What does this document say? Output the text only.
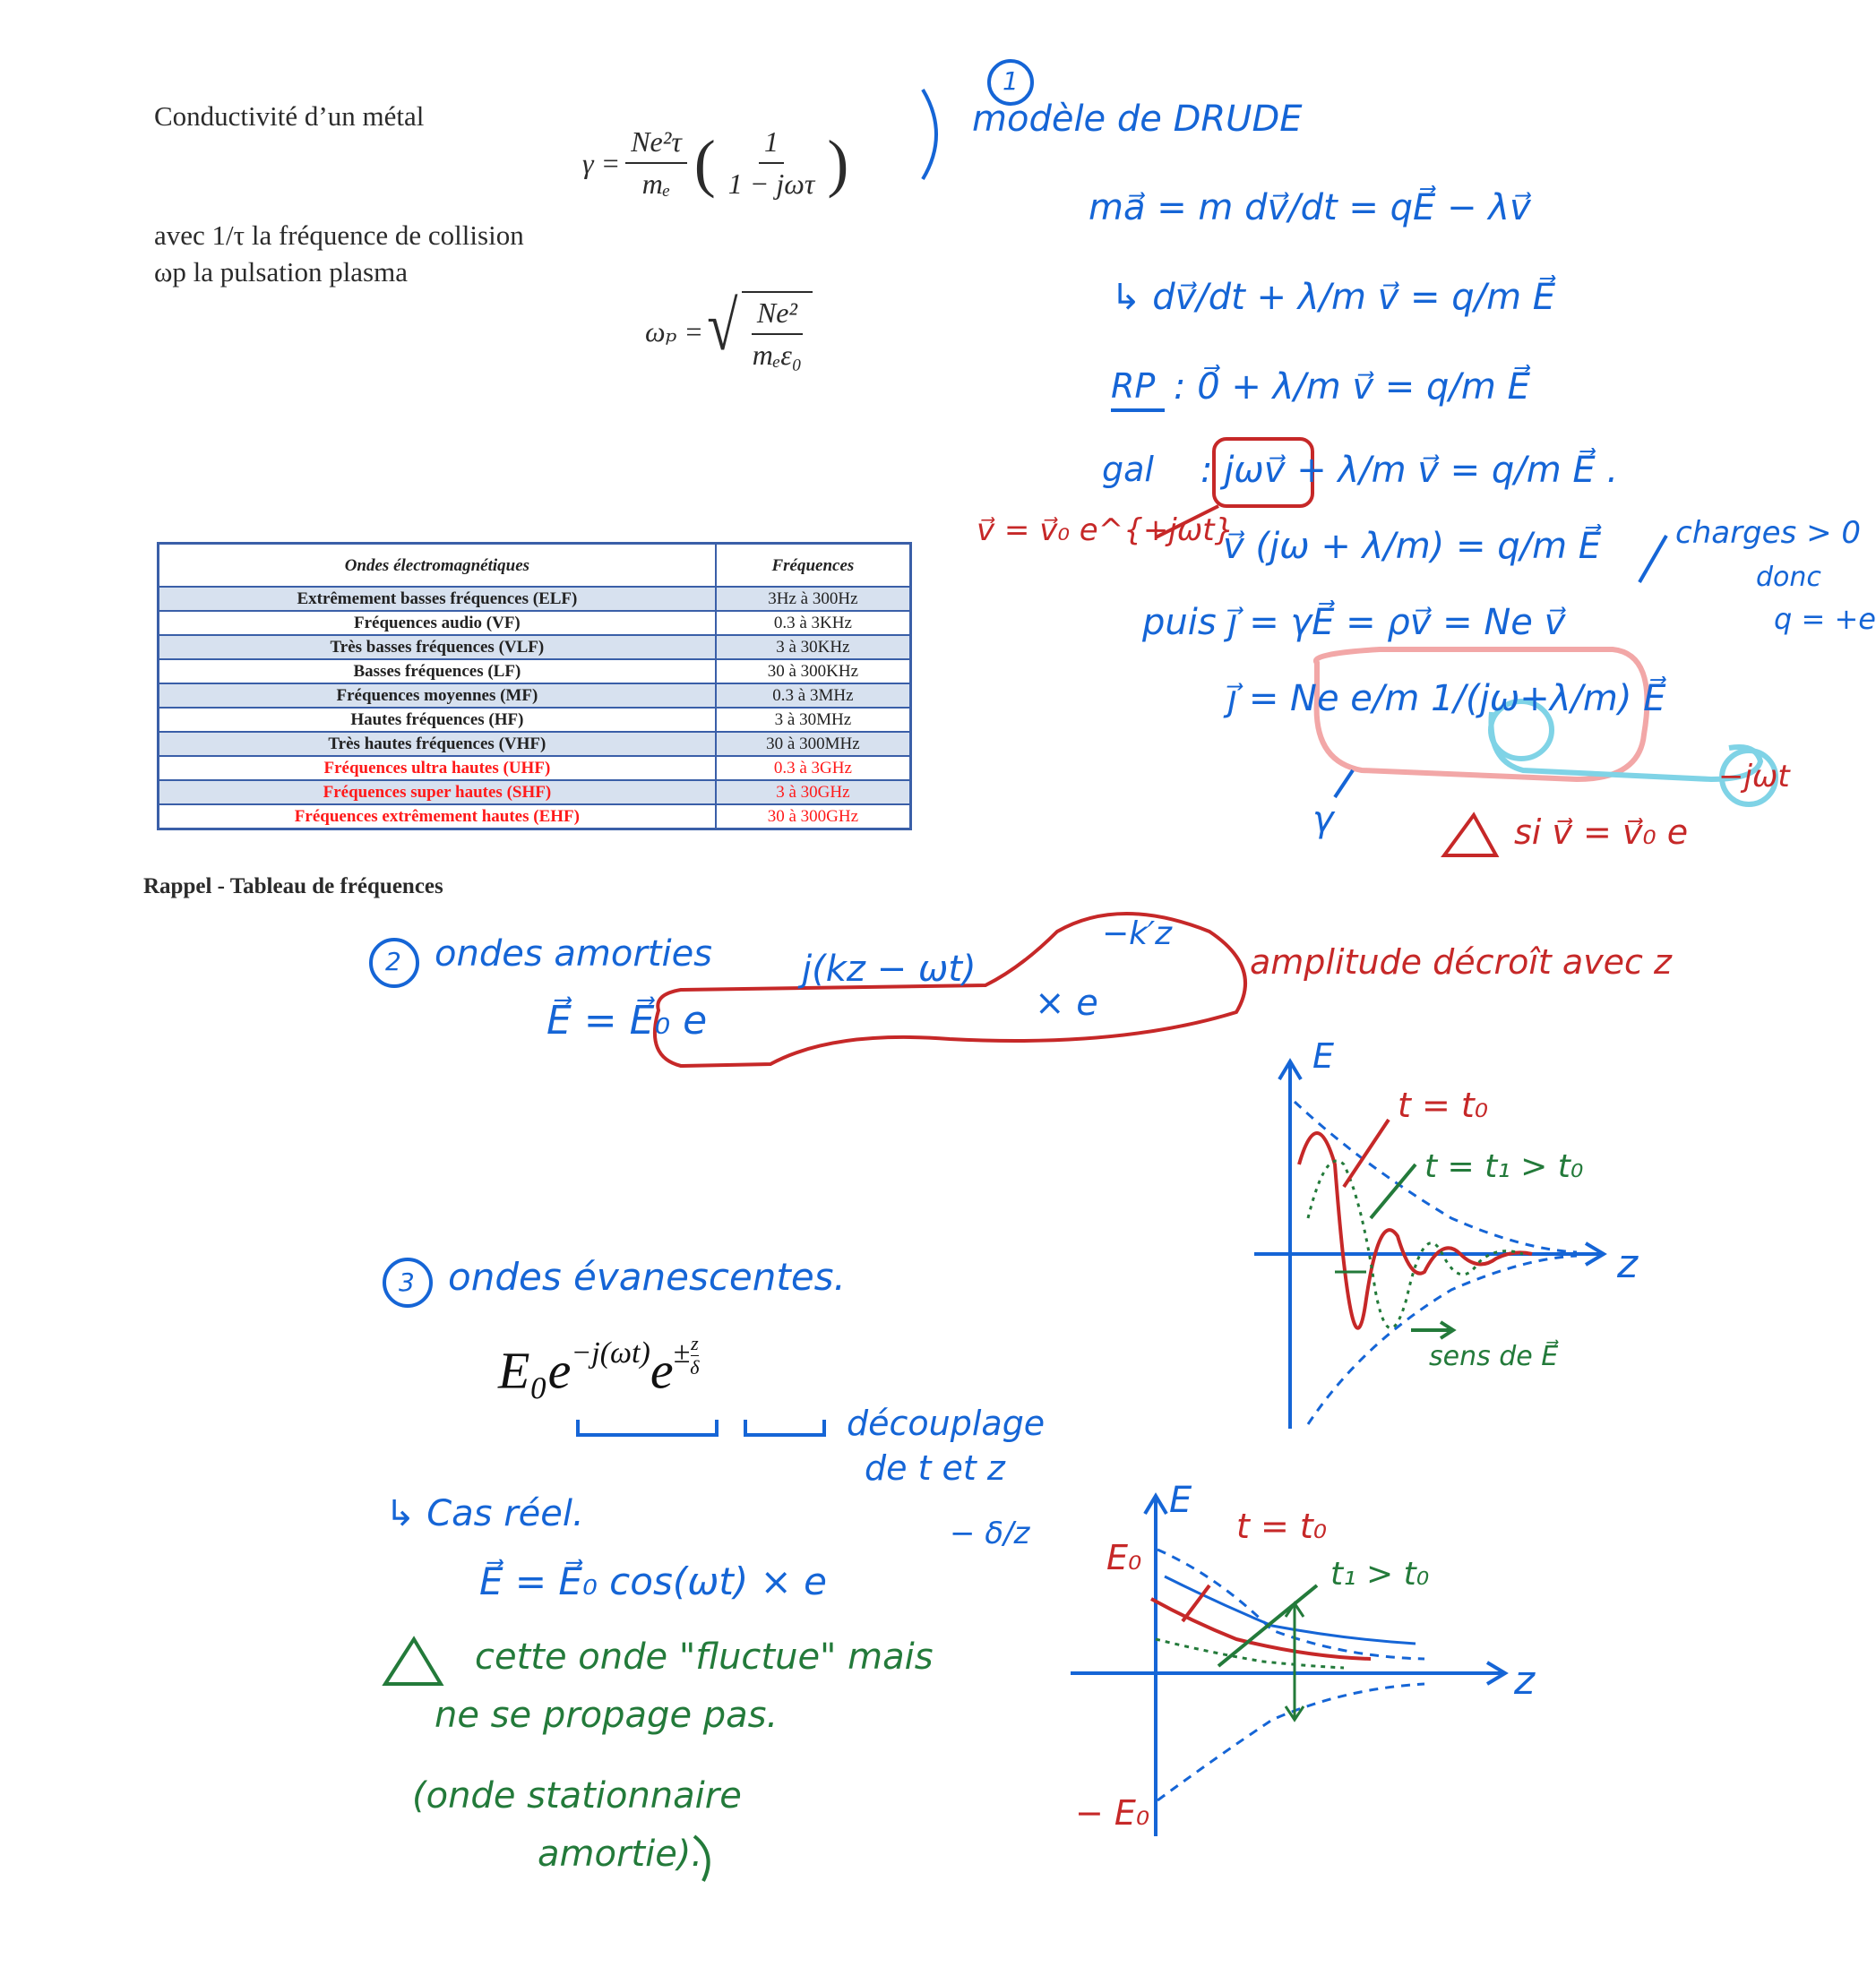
Conductivité d’un métal
avec 1/τ la fréquence de collision
ωp la pulsation plasma
$\gamma = \frac{\text{Ne²τ}}{\text{mₑ}}$ ( $\frac{1}{\text{1 − jωτ}}$ )
ωₚ = √ $\frac{\text{Ne²}}{\text{mₑε₀}}$
Ondes électromagnétiques	Fréquences
Extrêmement basses fréquences (ELF)	3Hz à 300Hz
Fréquences audio (VF)	0.3 à 3KHz
Très basses fréquences (VLF)	3 à 30KHz
Basses fréquences (LF)	30 à 300KHz
Fréquences moyennes (MF)	0.3 à 3MHz
Hautes fréquences (HF)	3 à 30MHz
Très hautes fréquences (VHF)	30 à 300MHz
Fréquences ultra hautes (UHF)	0.3 à 3GHz
Fréquences super hautes (SHF)	3 à 30GHz
Fréquences extrêmement hautes (EHF)	30 à 300GHz
Rappel - Tableau de fréquences
$E_0e^{-j(\omega t)}e^{\pm \frac{z}{\delta}}$
1
modèle de DRUDE
ma⃗ = m dv⃗/dt = qE⃗ − λv⃗
↳ dv⃗/dt + λ/m v⃗ = q/m E⃗
RP : 0⃗ + λ/m v⃗ = q/m E⃗
gal : jωv⃗ + λ/m v⃗ = q/m E⃗ .
v⃗ = v⃗₀ e^{+jωt}
v⃗ (jω + λ/m) = q/m E⃗ charges > 0
donc
q = +e
puis j⃗ = γE⃗ = ρv⃗ = Ne v⃗
j⃗ = Ne e/m 1/(jω+λ/m) E⃗
γ
−jωt
si v⃗ = v⃗₀ e
2 ondes amorties
E⃗ = E⃗₀ e
j(kz − ωt)
× e
−k′z
amplitude décroît avec z
E
z
t = t₀
t = t₁ > t₀
sens de E⃗
3 ondes évanescentes.
découplage
de t et z
↳ Cas réel.
E⃗ = E⃗₀ cos(ωt) × e
− δ/z
cette onde "fluctue" mais
ne se propage pas.
(onde stationnaire
amortie).
E
z
E₀
− E₀
t = t₀
t₁ > t₀
